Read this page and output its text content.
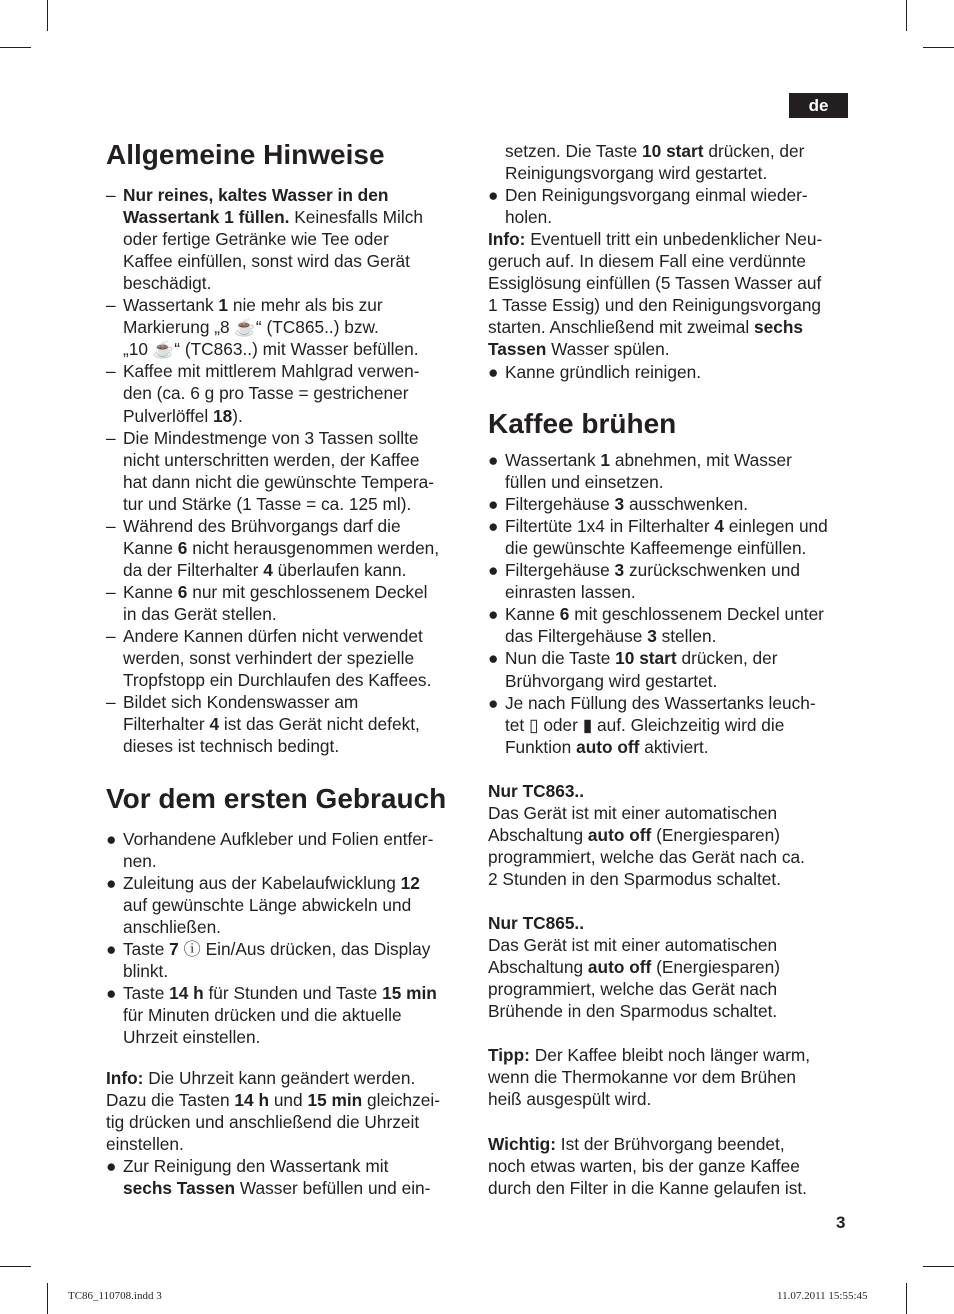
de
Allgemeine Hinweise
Vor dem ersten Gebrauch
– Nur reines, kaltes Wasser in den
Wassertank 1 füllen. Keinesfalls Milch
oder fertige Getränke wie Tee oder
Kaffee einfüllen, sonst wird das Gerät
beschädigt.
– Wassertank 1 nie mehr als bis zur
Markierung „8 ☕“ (TC865..) bzw.
„10 ☕“ (TC863..) mit Wasser befüllen.
– Kaffee mit mittlerem Mahlgrad verwen-
den (ca. 6 g pro Tasse = gestrichener
Pulverlöffel 18).
– Die Mindestmenge von 3 Tassen sollte
nicht unterschritten werden, der Kaffee
hat dann nicht die gewünschte Tempera-
tur und Stärke (1 Tasse = ca. 125 ml).
– Während des Brühvorgangs darf die
Kanne 6 nicht herausgenommen werden,
da der Filterhalter 4 überlaufen kann.
– Kanne 6 nur mit geschlossenem Deckel
in das Gerät stellen.
– Andere Kannen dürfen nicht verwendet
werden, sonst verhindert der spezielle
Tropfstopp ein Durchlaufen des Kaffees.
– Bildet sich Kondenswasser am
Filterhalter 4 ist das Gerät nicht defekt,
dieses ist technisch bedingt.
● Vorhandene Aufkleber und Folien entfer-
nen.
● Zuleitung aus der Kabelaufwicklung 12
auf gewünschte Länge abwickeln und
anschließen.
● Taste 7 ⓘ Ein/Aus drücken, das Display
blinkt.
● Taste 14 h für Stunden und Taste 15 min
für Minuten drücken und die aktuelle
Uhrzeit einstellen.
Info: Die Uhrzeit kann geändert werden.
Dazu die Tasten 14 h und 15 min gleichzei-
tig drücken und anschließend die Uhrzeit
einstellen.
● Zur Reinigung den Wassertank mit
sechs Tassen Wasser befüllen und ein-
Kaffee brühen
setzen. Die Taste 10 start drücken, der
Reinigungsvorgang wird gestartet.
● Den Reinigungsvorgang einmal wieder-
holen.
Info: Eventuell tritt ein unbedenklicher Neu-
geruch auf. In diesem Fall eine verdünnte
Essiglösung einfüllen (5 Tassen Wasser auf
1 Tasse Essig) und den Reinigungsvorgang
starten. Anschließend mit zweimal sechs
Tassen Wasser spülen.
● Kanne gründlich reinigen.
● Wassertank 1 abnehmen, mit Wasser
füllen und einsetzen.
● Filtergehäuse 3 ausschwenken.
● Filtertüte 1x4 in Filterhalter 4 einlegen und
die gewünschte Kaffeemenge einfüllen.
● Filtergehäuse 3 zurückschwenken und
einrasten lassen.
● Kanne 6 mit geschlossenem Deckel unter
das Filtergehäuse 3 stellen.
● Nun die Taste 10 start drücken, der
Brühvorgang wird gestartet.
● Je nach Füllung des Wassertanks leuch-
tet ▯ oder ▮ auf. Gleichzeitig wird die
Funktion auto off aktiviert.
Nur TC863..
Das Gerät ist mit einer automatischen
Abschaltung auto off (Energiesparen)
programmiert, welche das Gerät nach ca.
2 Stunden in den Sparmodus schaltet.
Nur TC865..
Das Gerät ist mit einer automatischen
Abschaltung auto off (Energiesparen)
programmiert, welche das Gerät nach
Brühende in den Sparmodus schaltet.
Tipp: Der Kaffee bleibt noch länger warm,
wenn die Thermokanne vor dem Brühen
heiß ausgespült wird.
Wichtig: Ist der Brühvorgang beendet,
noch etwas warten, bis der ganze Kaffee
durch den Filter in die Kanne gelaufen ist.
3
TC86_110708.indd 3	11.07.2011 15:55:45
